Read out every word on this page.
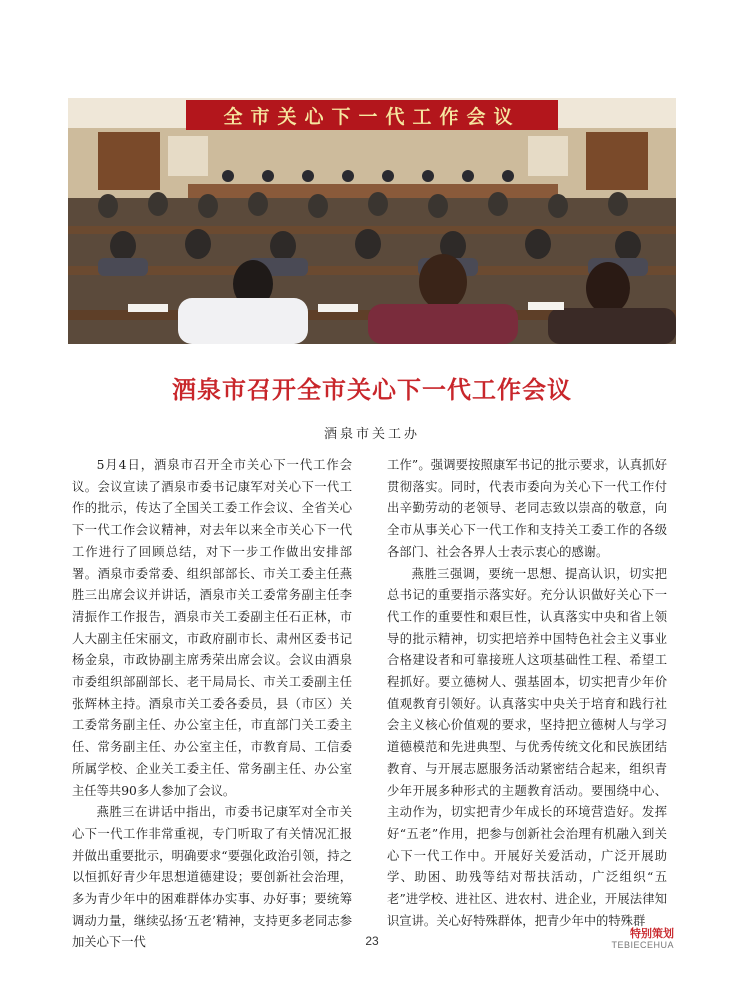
全市关心下一代工作会议
酒泉市召开全市关心下一代工作会议
酒泉市关工办

5月4日，酒泉市召开全市关心下一代工作会议。会议宣读了酒泉市委书记康军对关心下一代工作的批示，传达了全国关工委工作会议、全省关心下一代工作会议精神，对去年以来全市关心下一代工作进行了回顾总结，对下一步工作做出安排部署。酒泉市委常委、组织部部长、市关工委主任燕胜三出席会议并讲话，酒泉市关工委常务副主任李清振作工作报告，酒泉市关工委副主任石正林，市人大副主任宋丽文，市政府副市长、肃州区委书记杨金泉，市政协副主席秀荣出席会议。会议由酒泉市委组织部副部长、老干局局长、市关工委副主任张辉林主持。酒泉市关工委各委员，县（市区）关工委常务副主任、办公室主任，市直部门关工委主任、常务副主任、办公室主任，市教育局、工信委所属学校、企业关工委主任、常务副主任、办公室主任等共90多人参加了会议。

燕胜三在讲话中指出，市委书记康军对全市关心下一代工作非常重视，专门听取了有关情况汇报并做出重要批示，明确要求“要强化政治引领，持之以恒抓好青少年思想道德建设；要创新社会治理，多为青少年中的困难群体办实事、办好事；要统筹调动力量，继续弘扬‘五老’精神，支持更多老同志参加关心下一代

工作”。强调要按照康军书记的批示要求，认真抓好贯彻落实。同时，代表市委向为关心下一代工作付出辛勤劳动的老领导、老同志致以崇高的敬意，向全市从事关心下一代工作和支持关工委工作的各级各部门、社会各界人士表示衷心的感谢。

燕胜三强调，要统一思想、提高认识，切实把总书记的重要指示落实好。充分认识做好关心下一代工作的重要性和艰巨性，认真落实中央和省上领导的批示精神，切实把培养中国特色社会主义事业合格建设者和可靠接班人这项基础性工程、希望工程抓好。要立德树人、强基固本，切实把青少年价值观教育引领好。认真落实中央关于培育和践行社会主义核心价值观的要求，坚持把立德树人与学习道德模范和先进典型、与优秀传统文化和民族团结教育、与开展志愿服务活动紧密结合起来，组织青少年开展多种形式的主题教育活动。要围绕中心、主动作为，切实把青少年成长的环境营造好。发挥好“五老”作用，把参与创新社会治理有机融入到关心下一代工作中。开展好关爱活动，广泛开展助学、助困、助残等结对帮扶活动，广泛组织“五老”进学校、进社区、进农村、进企业，开展法律知识宣讲。关心好特殊群体，把青少年中的特殊群

23
特别策划
TEBIECEHUA
